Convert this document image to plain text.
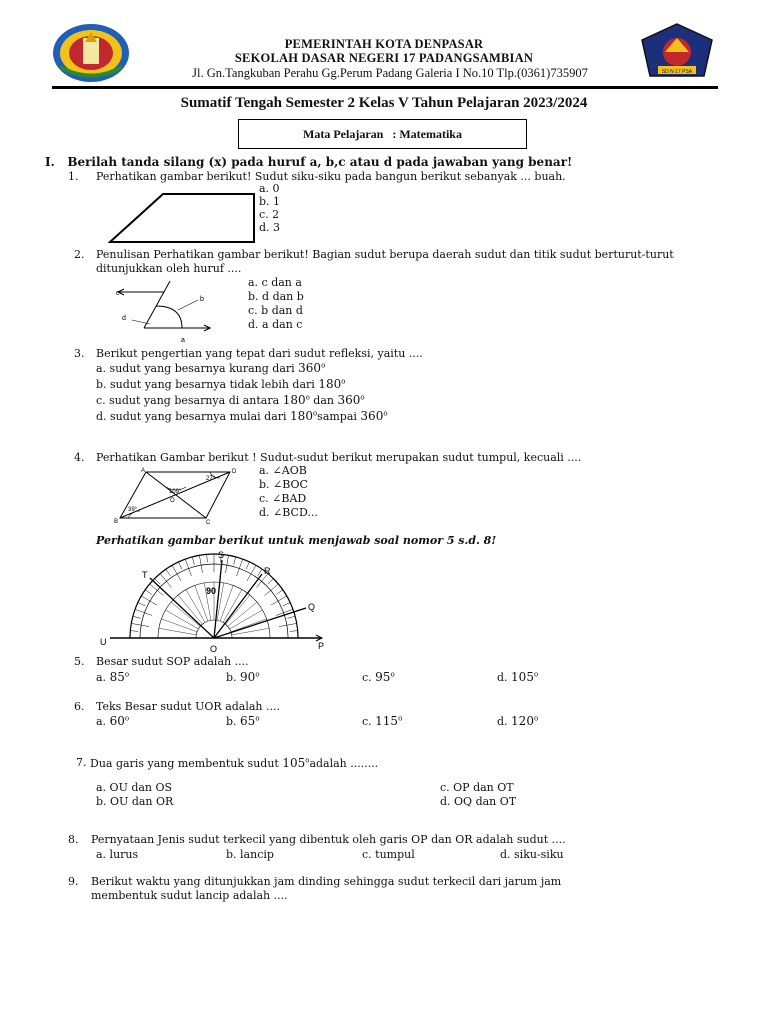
SD N 17 PSA
PEMERINTAH KOTA DENPASAR
SEKOLAH DASAR NEGERI 17 PADANGSAMBIAN
Jl. Gn.Tangkuban Perahu Gg.Perum Padang Galeria I No.10 Tlp.(0361)735907
Sumatif Tengah Semester 2 Kelas V Tahun Pelajaran 2023/2024
Mata Pelajaran   : Matematika
I.   Berilah tanda silang (x) pada huruf a, b,c atau d pada jawaban yang benar!
1. Perhatikan gambar berikut! Sudut siku-siku pada bangun berikut sebanyak ... buah.
a. 0
b. 1
c. 2
d. 3
2. Penulisan Perhatikan gambar berikut! Bagian sudut berupa daerah sudut dan titik sudut berturut-turut
ditunjukkan oleh huruf ....
c
b
d
a
a. c dan a
b. d dan b
c. b dan d
d. a dan c
3. Berikut pengertian yang tepat dari sudut refleksi, yaitu ....
a. sudut yang besarnya kurang dari 360$^o$
b. sudut yang besarnya tidak lebih dari 180$^o$
c. sudut yang besarnya di antara 180$^o$ dan 360$^o$
d. sudut yang besarnya mulai dari 180$^o$sampai 360$^o$
4. Perhatikan Gambar berikut ! Sudut-sudut berikut merupakan sudut tumpul, kecuali ....
A	D
B	C
O
109°
27°
39°
a. ∠AOB
b. ∠BOC
c. ∠BAD
d. ∠BCD...
Perhatikan gambar berikut untuk menjawab soal nomor 5 s.d. 8!
S
T	R
Q
U	P
O
90
5. Besar sudut SOP adalah ....
a. 85$^o$	b. 90$^o$	c. 95$^o$	d. 105$^o$
6. Teks Besar sudut UOR adalah ....
a. 60$^o$	b. 65$^o$	c. 115$^o$	d. 120$^o$
7. Dua garis yang membentuk sudut 105$^o$adalah ........
a. OU dan OS
b. OU dan OR
c. OP dan OT
d. OQ dan OT
8. Pernyataan Jenis sudut terkecil yang dibentuk oleh garis OP dan OR adalah sudut ....
a. lurus	b. lancip	c. tumpul	d. siku-siku
9. Berikut waktu yang ditunjukkan jam dinding sehingga sudut terkecil dari jarum jam
membentuk sudut lancip adalah ....
